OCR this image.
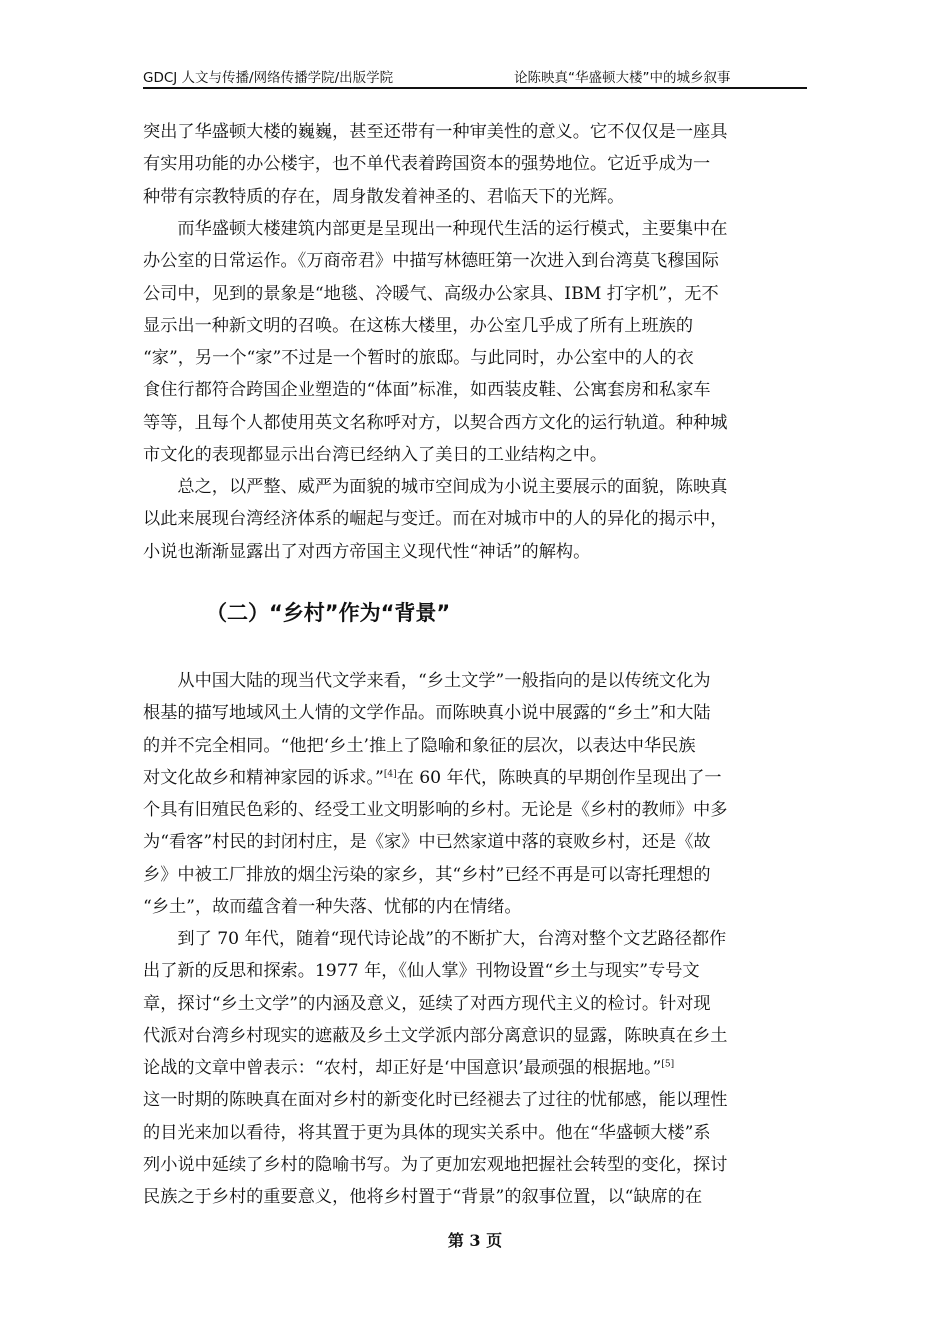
GDCJ 人文与传播/网络传播学院/出版学院	论陈映真“华盛顿大楼”中的城乡叙事
突出了华盛顿大楼的巍巍，甚至还带有一种审美性的意义。它不仅仅是一座具
有实用功能的办公楼宇，也不单代表着跨国资本的强势地位。它近乎成为一
种带有宗教特质的存在，周身散发着神圣的、君临天下的光辉。
而华盛顿大楼建筑内部更是呈现出一种现代生活的运行模式，主要集中在
办公室的日常运作。《万商帝君》中描写林德旺第一次进入到台湾莫飞穆国际
公司中，见到的景象是“地毯、冷暖气、高级办公家具、IBM 打字机”，无不
显示出一种新文明的召唤。在这栋大楼里，办公室几乎成了所有上班族的
“家”，另一个“家”不过是一个暂时的旅邸。与此同时，办公室中的人的衣
食住行都符合跨国企业塑造的“体面”标准，如西装皮鞋、公寓套房和私家车
等等，且每个人都使用英文名称呼对方，以契合西方文化的运行轨道。种种城
市文化的表现都显示出台湾已经纳入了美日的工业结构之中。
总之，以严整、威严为面貌的城市空间成为小说主要展示的面貌，陈映真
以此来展现台湾经济体系的崛起与变迁。而在对城市中的人的异化的揭示中，
小说也渐渐显露出了对西方帝国主义现代性“神话”的解构。
（二）“乡村”作为“背景”
从中国大陆的现当代文学来看，“乡土文学”一般指向的是以传统文化为
根基的描写地域风土人情的文学作品。而陈映真小说中展露的“乡土”和大陆
的并不完全相同。“他把‘乡土’推上了隐喻和象征的层次，以表达中华民族
对文化故乡和精神家园的诉求。”[4]在 60 年代，陈映真的早期创作呈现出了一
个具有旧殖民色彩的、经受工业文明影响的乡村。无论是《乡村的教师》中多
为“看客”村民的封闭村庄，是《家》中已然家道中落的衰败乡村，还是《故
乡》中被工厂排放的烟尘污染的家乡，其“乡村”已经不再是可以寄托理想的
“乡土”，故而蕴含着一种失落、忧郁的内在情绪。
到了 70 年代，随着“现代诗论战”的不断扩大，台湾对整个文艺路径都作
出了新的反思和探索。1977 年，《仙人掌》刊物设置“乡土与现实”专号文
章，探讨“乡土文学”的内涵及意义，延续了对西方现代主义的检讨。针对现
代派对台湾乡村现实的遮蔽及乡土文学派内部分离意识的显露，陈映真在乡土
论战的文章中曾表示：“农村，却正好是‘中国意识’最顽强的根据地。”[5]
这一时期的陈映真在面对乡村的新变化时已经褪去了过往的忧郁感，能以理性
的目光来加以看待，将其置于更为具体的现实关系中。他在“华盛顿大楼”系
列小说中延续了乡村的隐喻书写。为了更加宏观地把握社会转型的变化，探讨
民族之于乡村的重要意义，他将乡村置于“背景”的叙事位置，以“缺席的在
第 3 页
